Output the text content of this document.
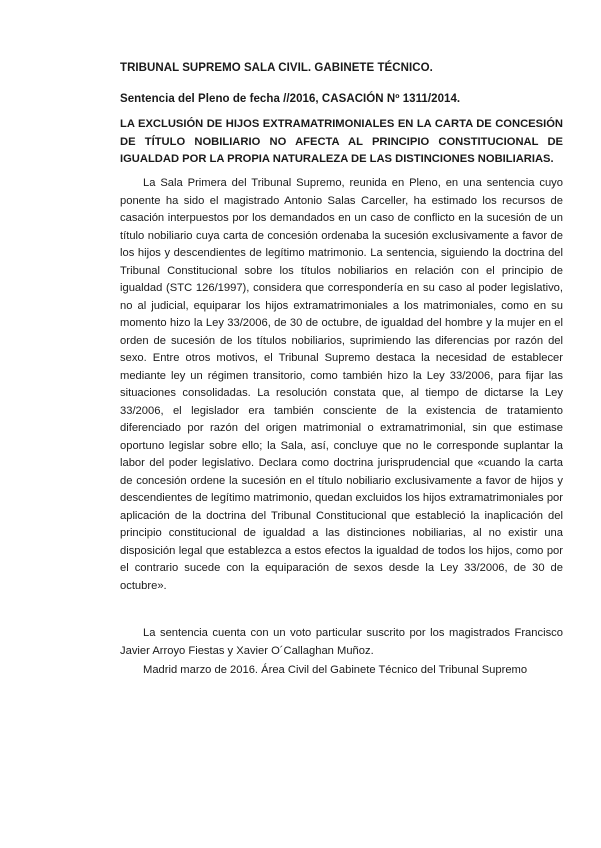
TRIBUNAL SUPREMO SALA CIVIL. GABINETE TÉCNICO.
Sentencia del Pleno de fecha //2016, CASACIÓN Nº 1311/2014.
LA EXCLUSIÓN DE HIJOS EXTRAMATRIMONIALES EN LA CARTA DE CONCESIÓN DE TÍTULO NOBILIARIO NO AFECTA AL PRINCIPIO CONSTITUCIONAL DE IGUALDAD POR LA PROPIA NATURALEZA DE LAS DISTINCIONES NOBILIARIAS.

La Sala Primera del Tribunal Supremo, reunida en Pleno, en una sentencia cuyo ponente ha sido el magistrado Antonio Salas Carceller, ha estimado los recursos de casación interpuestos por los demandados en un caso de conflicto en la sucesión de un título nobiliario cuya carta de concesión ordenaba la sucesión exclusivamente a favor de los hijos y descendientes de legítimo matrimonio. La sentencia, siguiendo la doctrina del Tribunal Constitucional sobre los títulos nobiliarios en relación con el principio de igualdad (STC 126/1997), considera que correspondería en su caso al poder legislativo, no al judicial, equiparar los hijos extramatrimoniales a los matrimoniales, como en su momento hizo la Ley 33/2006, de 30 de octubre, de igualdad del hombre y la mujer en el orden de sucesión de los títulos nobiliarios, suprimiendo las diferencias por razón del sexo. Entre otros motivos, el Tribunal Supremo destaca la necesidad de establecer mediante ley un régimen transitorio, como también hizo la Ley 33/2006, para fijar las situaciones consolidadas. La resolución constata que, al tiempo de dictarse la Ley 33/2006, el legislador era también consciente de la existencia de tratamiento diferenciado por razón del origen matrimonial o extramatrimonial, sin que estimase oportuno legislar sobre ello; la Sala, así, concluye que no le corresponde suplantar la labor del poder legislativo. Declara como doctrina jurisprudencial que «cuando la carta de concesión ordene la sucesión en el título nobiliario exclusivamente a favor de hijos y descendientes de legítimo matrimonio, quedan excluidos los hijos extramatrimoniales por aplicación de la doctrina del Tribunal Constitucional que estableció la inaplicación del principio constitucional de igualdad a las distinciones nobiliarias, al no existir una disposición legal que establezca a estos efectos la igualdad de todos los hijos, como por el contrario sucede con la equiparación de sexos desde la Ley 33/2006, de 30 de octubre».

La sentencia cuenta con un voto particular suscrito por los magistrados Francisco Javier Arroyo Fiestas y Xavier O´Callaghan Muñoz.

Madrid marzo de 2016. Área Civil del Gabinete Técnico del Tribunal Supremo
